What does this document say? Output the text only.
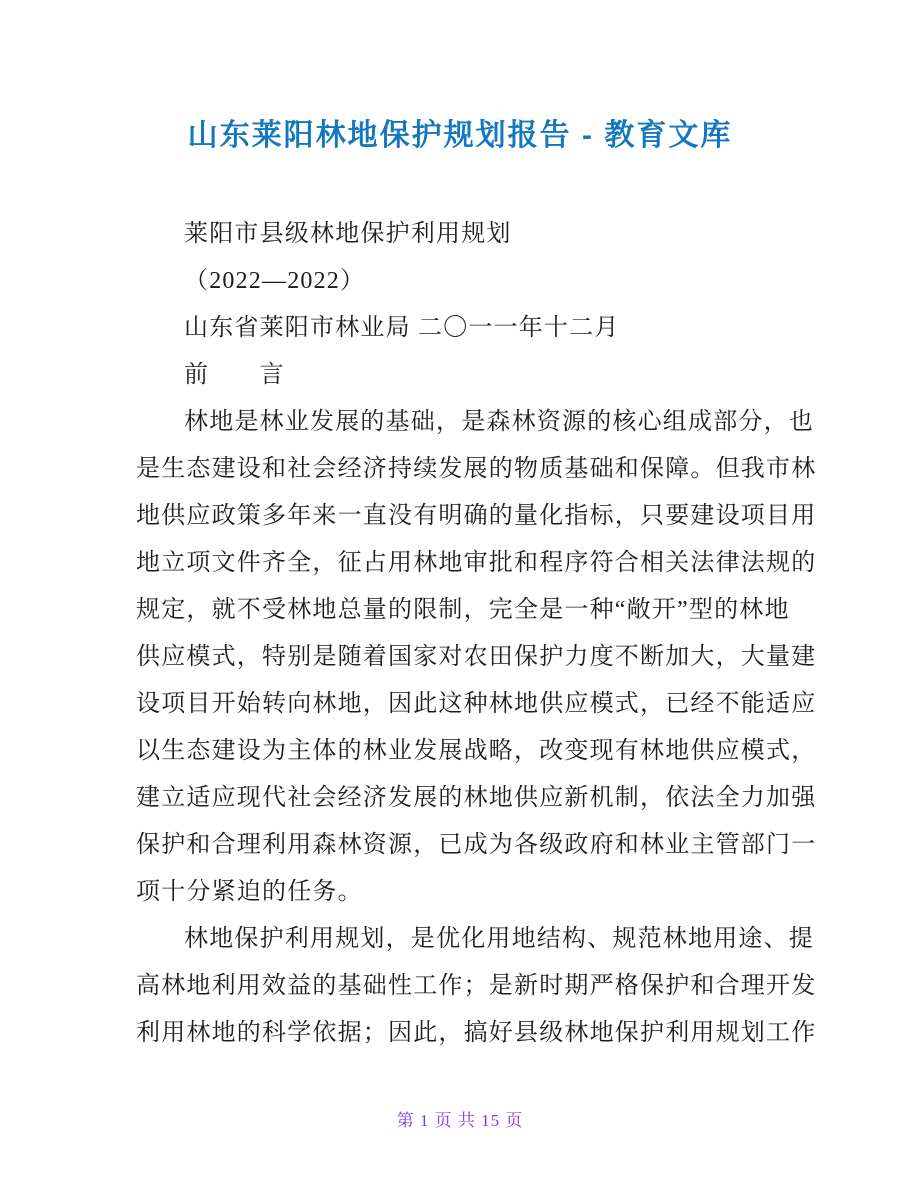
山东莱阳林地保护规划报告 - 教育文库
莱阳市县级林地保护利用规划
（2022—2022）
山东省莱阳市林业局 二〇一一年十二月
前　　言
林地是林业发展的基础，是森林资源的核心组成部分，也
是生态建设和社会经济持续发展的物质基础和保障。但我市林
地供应政策多年来一直没有明确的量化指标，只要建设项目用
地立项文件齐全，征占用林地审批和程序符合相关法律法规的
规定，就不受林地总量的限制，完全是一种“敞开”型的林地
供应模式，特别是随着国家对农田保护力度不断加大，大量建
设项目开始转向林地，因此这种林地供应模式，已经不能适应
以生态建设为主体的林业发展战略，改变现有林地供应模式，
建立适应现代社会经济发展的林地供应新机制，依法全力加强
保护和合理利用森林资源，已成为各级政府和林业主管部门一
项十分紧迫的任务。
林地保护利用规划，是优化用地结构、规范林地用途、提
高林地利用效益的基础性工作；是新时期严格保护和合理开发
利用林地的科学依据；因此，搞好县级林地保护利用规划工作
第 1 页 共 15 页
